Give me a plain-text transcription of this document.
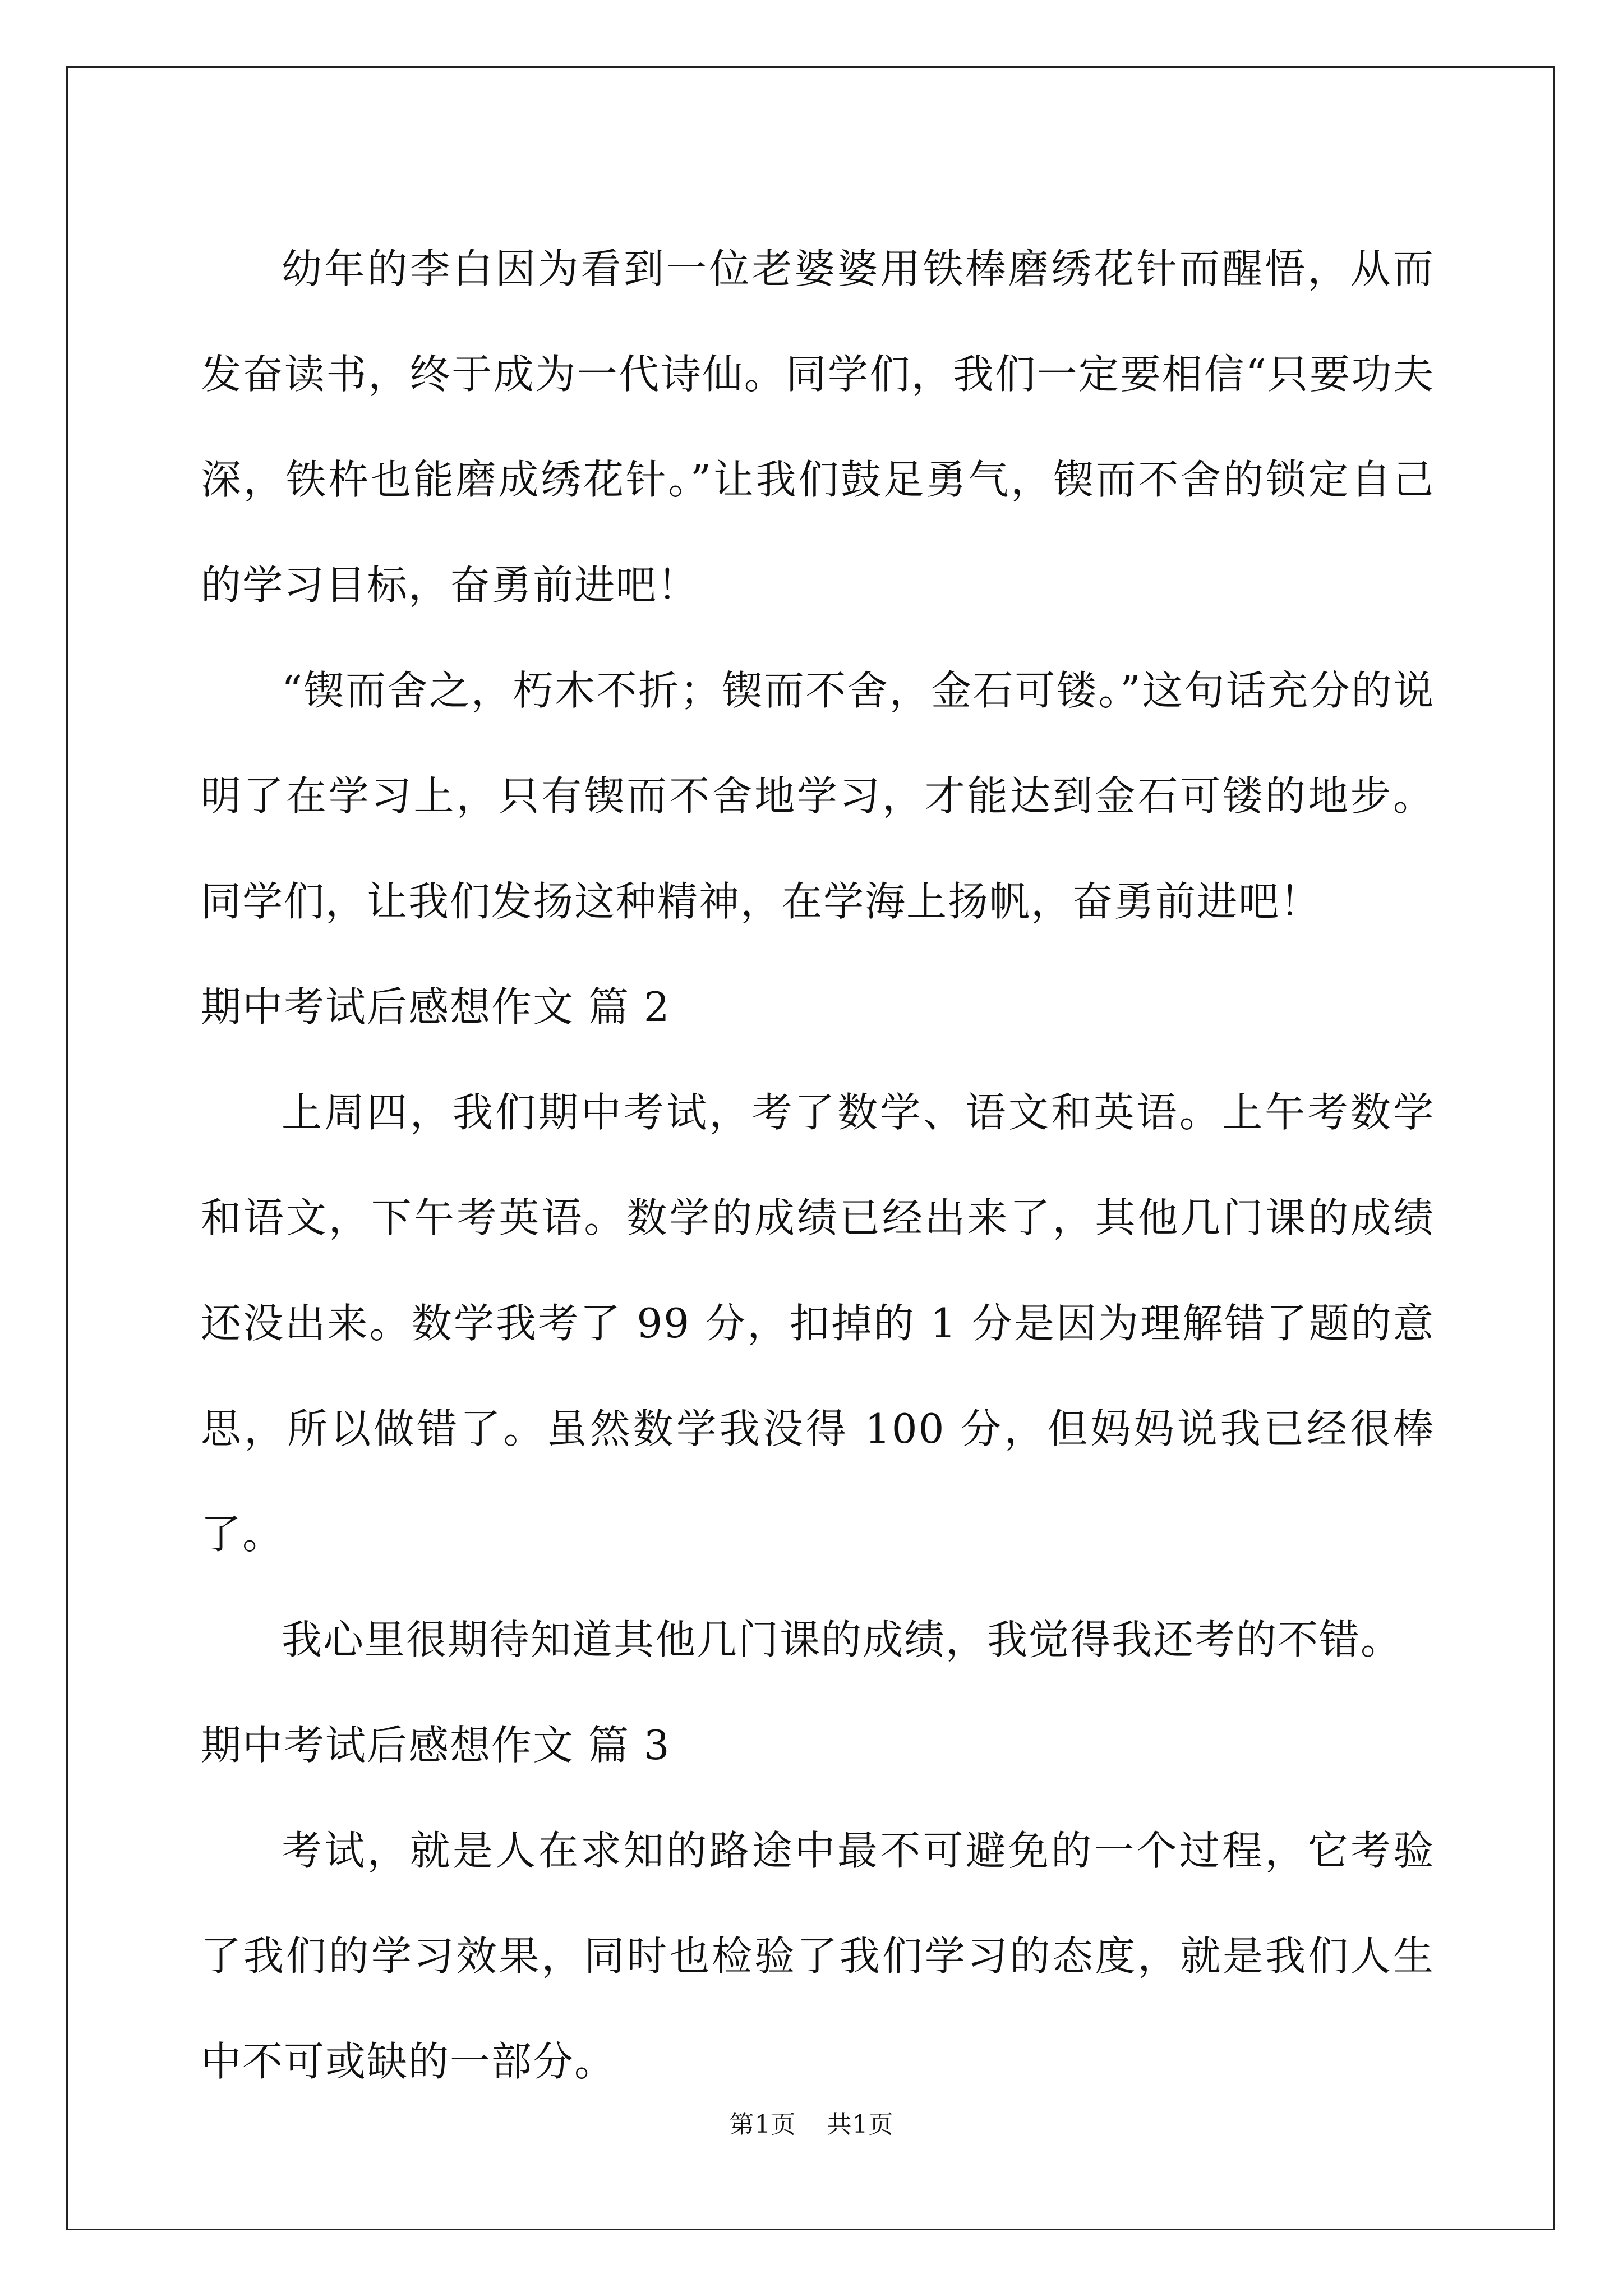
幼年的李白因为看到一位老婆婆用铁棒磨绣花针而醒悟，从而发奋读书，终于成为一代诗仙。同学们，我们一定要相信“只要功夫深，铁杵也能磨成绣花针。”让我们鼓足勇气，锲而不舍的锁定自己的学习目标，奋勇前进吧！

“锲而舍之，朽木不折；锲而不舍，金石可镂。”这句话充分的说明了在学习上，只有锲而不舍地学习，才能达到金石可镂的地步。同学们，让我们发扬这种精神，在学海上扬帆，奋勇前进吧！

期中考试后感想作文 篇 2

上周四，我们期中考试，考了数学、语文和英语。上午考数学和语文，下午考英语。数学的成绩已经出来了，其他几门课的成绩还没出来。数学我考了 99 分，扣掉的 1 分是因为理解错了题的意思，所以做错了。虽然数学我没得 100 分，但妈妈说我已经很棒了。

我心里很期待知道其他几门课的成绩，我觉得我还考的不错。

期中考试后感想作文 篇 3

考试，就是人在求知的路途中最不可避免的一个过程，它考验了我们的学习效果，同时也检验了我们学习的态度，就是我们人生中不可或缺的一部分。

第1页 共1页
